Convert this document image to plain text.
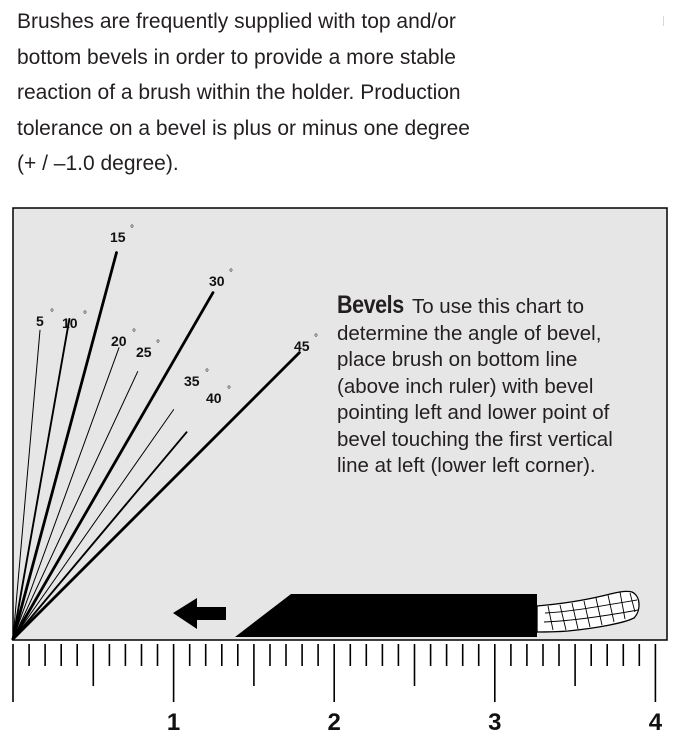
Brushes are frequently supplied with top and/or
bottom bevels in order to provide a more stable
reaction of a brush within the holder. Production
tolerance on a bevel is plus or minus one degree
(+ / –1.0 degree).
5 °
10 °
15 °
20 °
25 °
30 °
35 °
40 °
45 °
1	2	3	4
Bevels To use this chart to
determine the angle of bevel,
place brush on bottom line
(above inch ruler) with bevel
pointing left and lower point of
bevel touching the first vertical
line at left (lower left corner).
